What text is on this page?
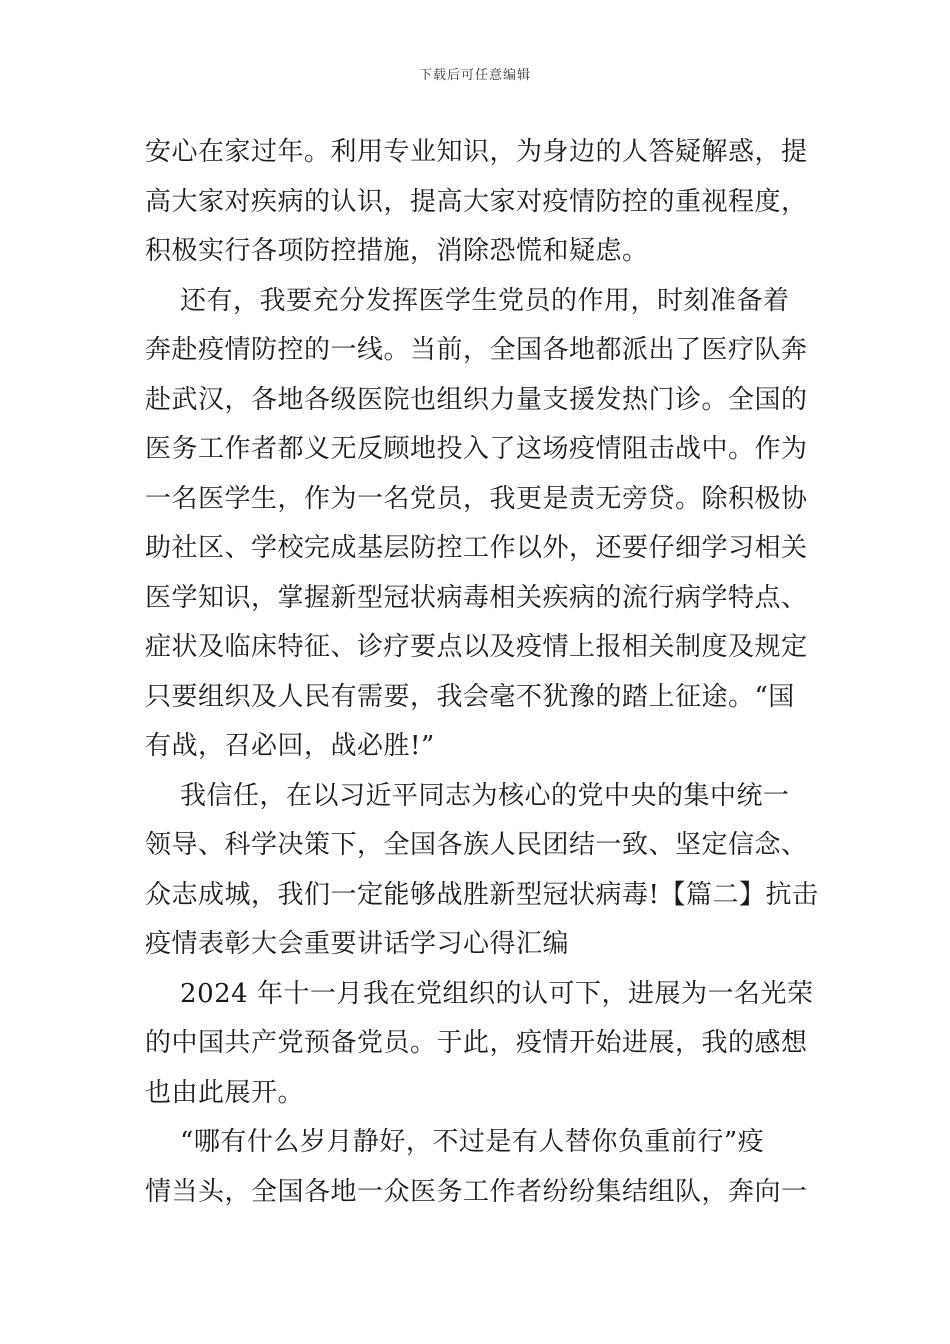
下载后可任意编辑
安心在家过年。利用专业知识，为身边的人答疑解惑，提
高大家对疾病的认识，提高大家对疫情防控的重视程度，
积极实行各项防控措施，消除恐慌和疑虑。
还有，我要充分发挥医学生党员的作用，时刻准备着
奔赴疫情防控的一线。当前，全国各地都派出了医疗队奔
赴武汉，各地各级医院也组织力量支援发热门诊。全国的
医务工作者都义无反顾地投入了这场疫情阻击战中。作为
一名医学生，作为一名党员，我更是责无旁贷。除积极协
助社区、学校完成基层防控工作以外，还要仔细学习相关
医学知识，掌握新型冠状病毒相关疾病的流行病学特点、
症状及临床特征、诊疗要点以及疫情上报相关制度及规定
只要组织及人民有需要，我会毫不犹豫的踏上征途。“国
有战，召必回，战必胜!”
我信任，在以习近平同志为核心的党中央的集中统一
领导、科学决策下，全国各族人民团结一致、坚定信念、
众志成城，我们一定能够战胜新型冠状病毒!【篇二】抗击
疫情表彰大会重要讲话学习心得汇编
2024 年十一月我在党组织的认可下，进展为一名光荣
的中国共产党预备党员。于此，疫情开始进展，我的感想
也由此展开。
“哪有什么岁月静好，不过是有人替你负重前行”疫
情当头，全国各地一众医务工作者纷纷集结组队，奔向一
